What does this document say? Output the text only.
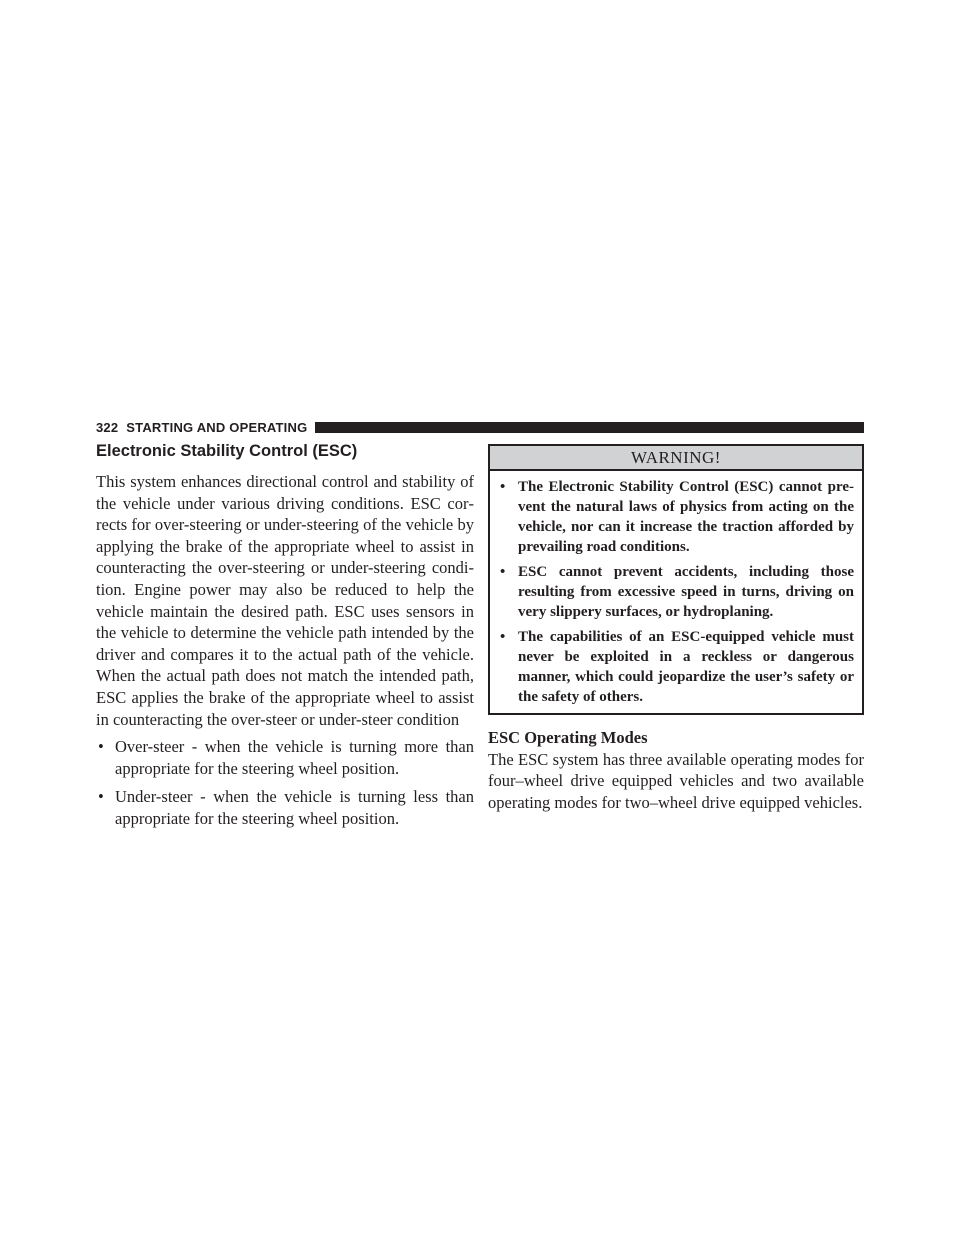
322 STARTING AND OPERATING
Electronic Stability Control (ESC)

This system enhances directional control and stability of the vehicle under various driving conditions. ESC corrects for over-steering or under-steering of the vehicle by applying the brake of the appropriate wheel to assist in counteracting the over-steering or under-steering condition. Engine power may also be reduced to help the vehicle maintain the desired path. ESC uses sensors in the vehicle to determine the vehicle path intended by the driver and compares it to the actual path of the vehicle. When the actual path does not match the intended path, ESC applies the brake of the appropriate wheel to assist in counteracting the over-steer or under-steer condition

• Over-steer - when the vehicle is turning more than appropriate for the steering wheel position.
• Under-steer - when the vehicle is turning less than appropriate for the steering wheel position.
WARNING!
• The Electronic Stability Control (ESC) cannot prevent the natural laws of physics from acting on the vehicle, nor can it increase the traction afforded by prevailing road conditions.
• ESC cannot prevent accidents, including those resulting from excessive speed in turns, driving on very slippery surfaces, or hydroplaning.
• The capabilities of an ESC-equipped vehicle must never be exploited in a reckless or dangerous manner, which could jeopardize the user’s safety or the safety of others.
ESC Operating Modes

The ESC system has three available operating modes for four–wheel drive equipped vehicles and two available operating modes for two–wheel drive equipped vehicles.
